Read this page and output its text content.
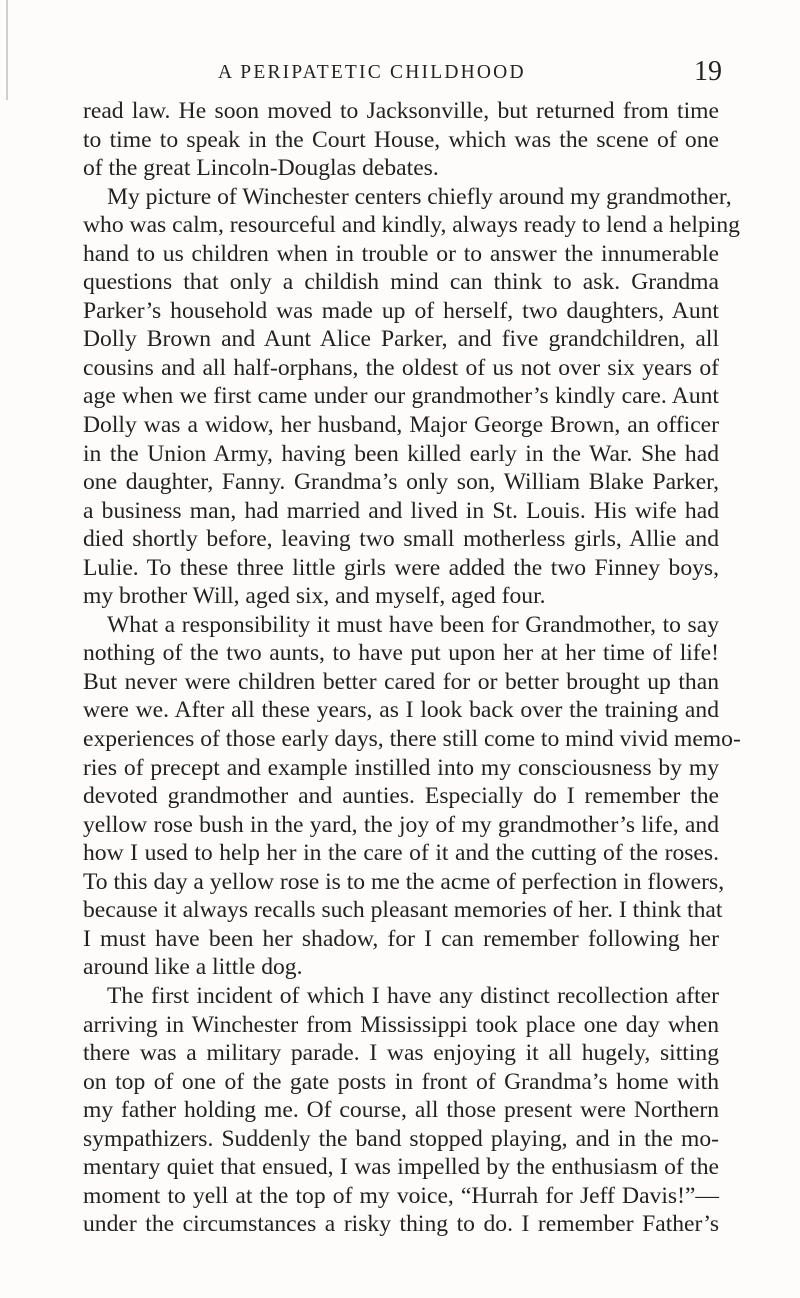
A PERIPATETIC CHILDHOOD	19
read law. He soon moved to Jacksonville, but returned from time
to time to speak in the Court House, which was the scene of one
of the great Lincoln-Douglas debates.
My picture of Winchester centers chiefly around my grandmother,
who was calm, resourceful and kindly, always ready to lend a helping
hand to us children when in trouble or to answer the innumerable
questions that only a childish mind can think to ask. Grandma
Parker’s household was made up of herself, two daughters, Aunt
Dolly Brown and Aunt Alice Parker, and five grandchildren, all
cousins and all half-orphans, the oldest of us not over six years of
age when we first came under our grandmother’s kindly care. Aunt
Dolly was a widow, her husband, Major George Brown, an officer
in the Union Army, having been killed early in the War. She had
one daughter, Fanny. Grandma’s only son, William Blake Parker,
a business man, had married and lived in St. Louis. His wife had
died shortly before, leaving two small motherless girls, Allie and
Lulie. To these three little girls were added the two Finney boys,
my brother Will, aged six, and myself, aged four.
What a responsibility it must have been for Grandmother, to say
nothing of the two aunts, to have put upon her at her time of life!
But never were children better cared for or better brought up than
were we. After all these years, as I look back over the training and
experiences of those early days, there still come to mind vivid memo-
ries of precept and example instilled into my consciousness by my
devoted grandmother and aunties. Especially do I remember the
yellow rose bush in the yard, the joy of my grandmother’s life, and
how I used to help her in the care of it and the cutting of the roses.
To this day a yellow rose is to me the acme of perfection in flowers,
because it always recalls such pleasant memories of her. I think that
I must have been her shadow, for I can remember following her
around like a little dog.
The first incident of which I have any distinct recollection after
arriving in Winchester from Mississippi took place one day when
there was a military parade. I was enjoying it all hugely, sitting
on top of one of the gate posts in front of Grandma’s home with
my father holding me. Of course, all those present were Northern
sympathizers. Suddenly the band stopped playing, and in the mo-
mentary quiet that ensued, I was impelled by the enthusiasm of the
moment to yell at the top of my voice, “Hurrah for Jeff Davis!”—
under the circumstances a risky thing to do. I remember Father’s
